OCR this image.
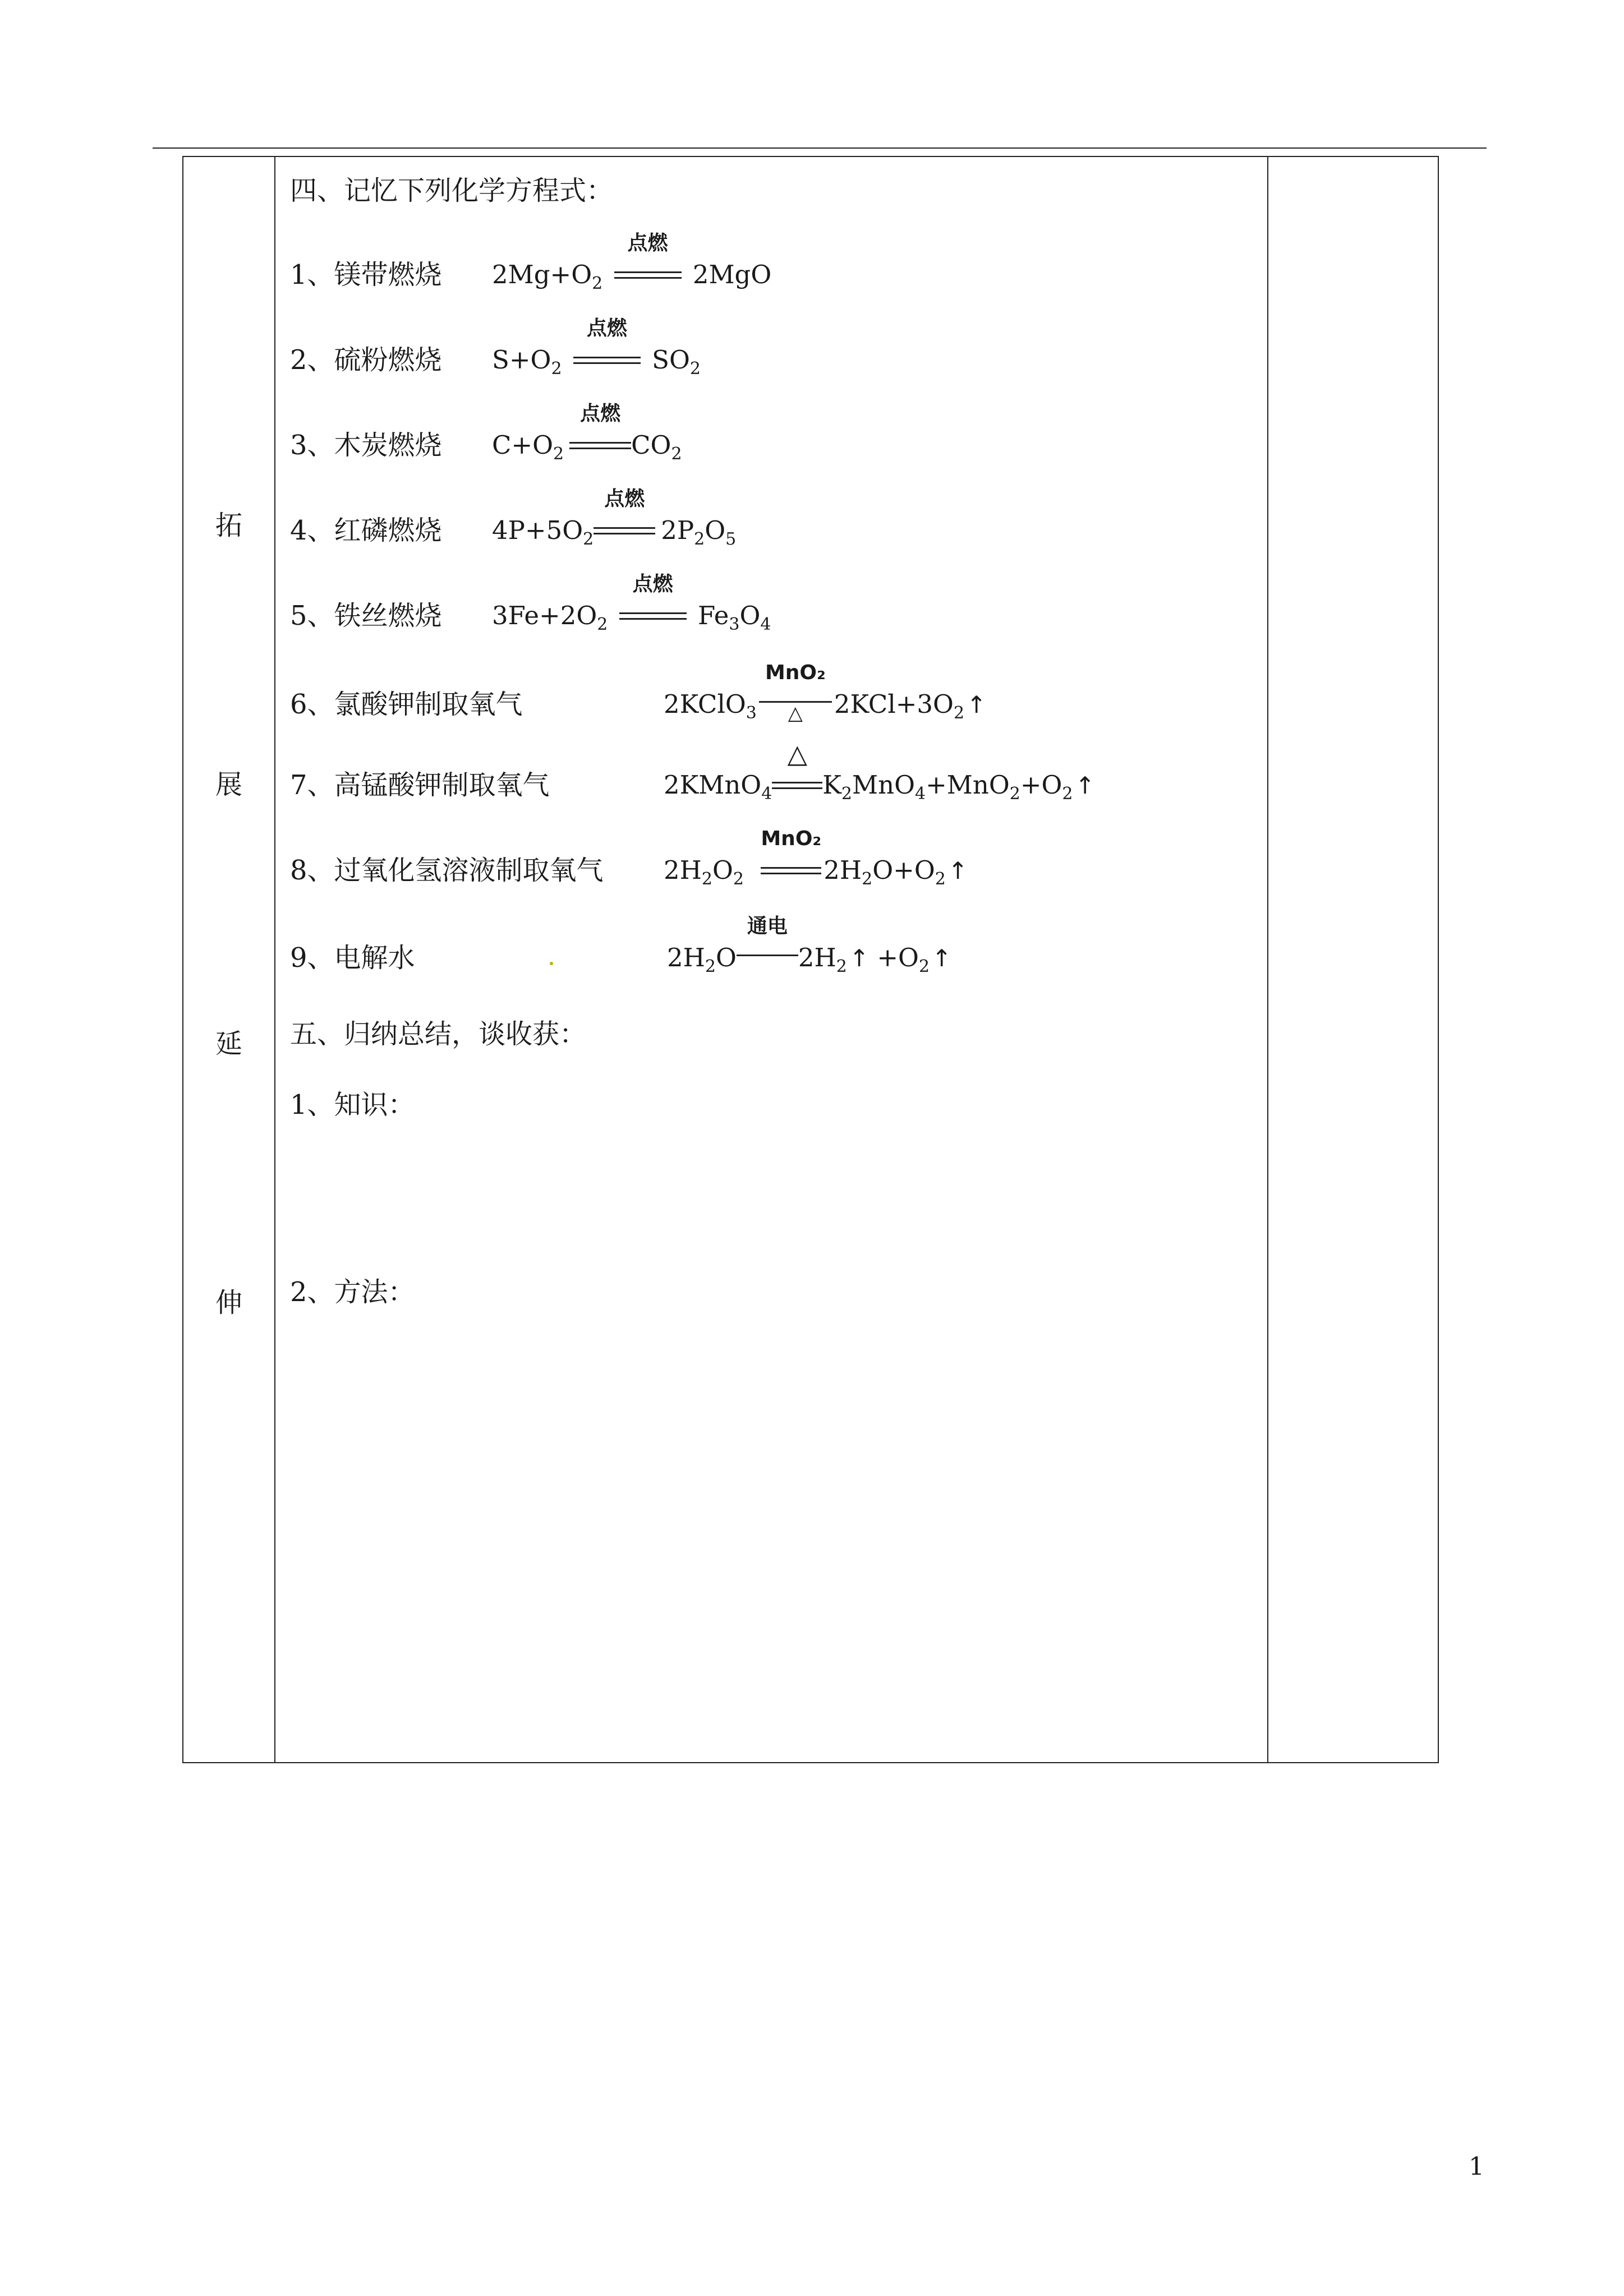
拓
展
延
伸
四、记忆下列化学方程式：
1、镁带燃烧 $2Mg+O_2$
点燃
2MgO
2、硫粉燃烧 $S+O_2$
点燃
$SO_2$
3、木炭燃烧 $C+O_2$
点燃
$CO_2$
4、红磷燃烧 $4P+5O_2$
点燃
$2P_2O_5$
5、铁丝燃烧 $3Fe+2O_2$
点燃
$Fe_3O_4$
6、氯酸钾制取氧气	2KClO$_3$
MnO₂
△	$2KCl+3O_2↑$
7、高锰酸钾制取氧气	2KMnO$_4$
△
$K_2MnO_4+MnO_2+O_2↑$
8、过氧化氢溶液制取氧气 $2H_2O_2$
MnO₂
$2H_2O+O_2↑$
9、电解水	$2H_2O$
通电
$2H_2↑$ $+O_2↑$
五、归纳总结，谈收获：
1、知识：
2、方法：
1
